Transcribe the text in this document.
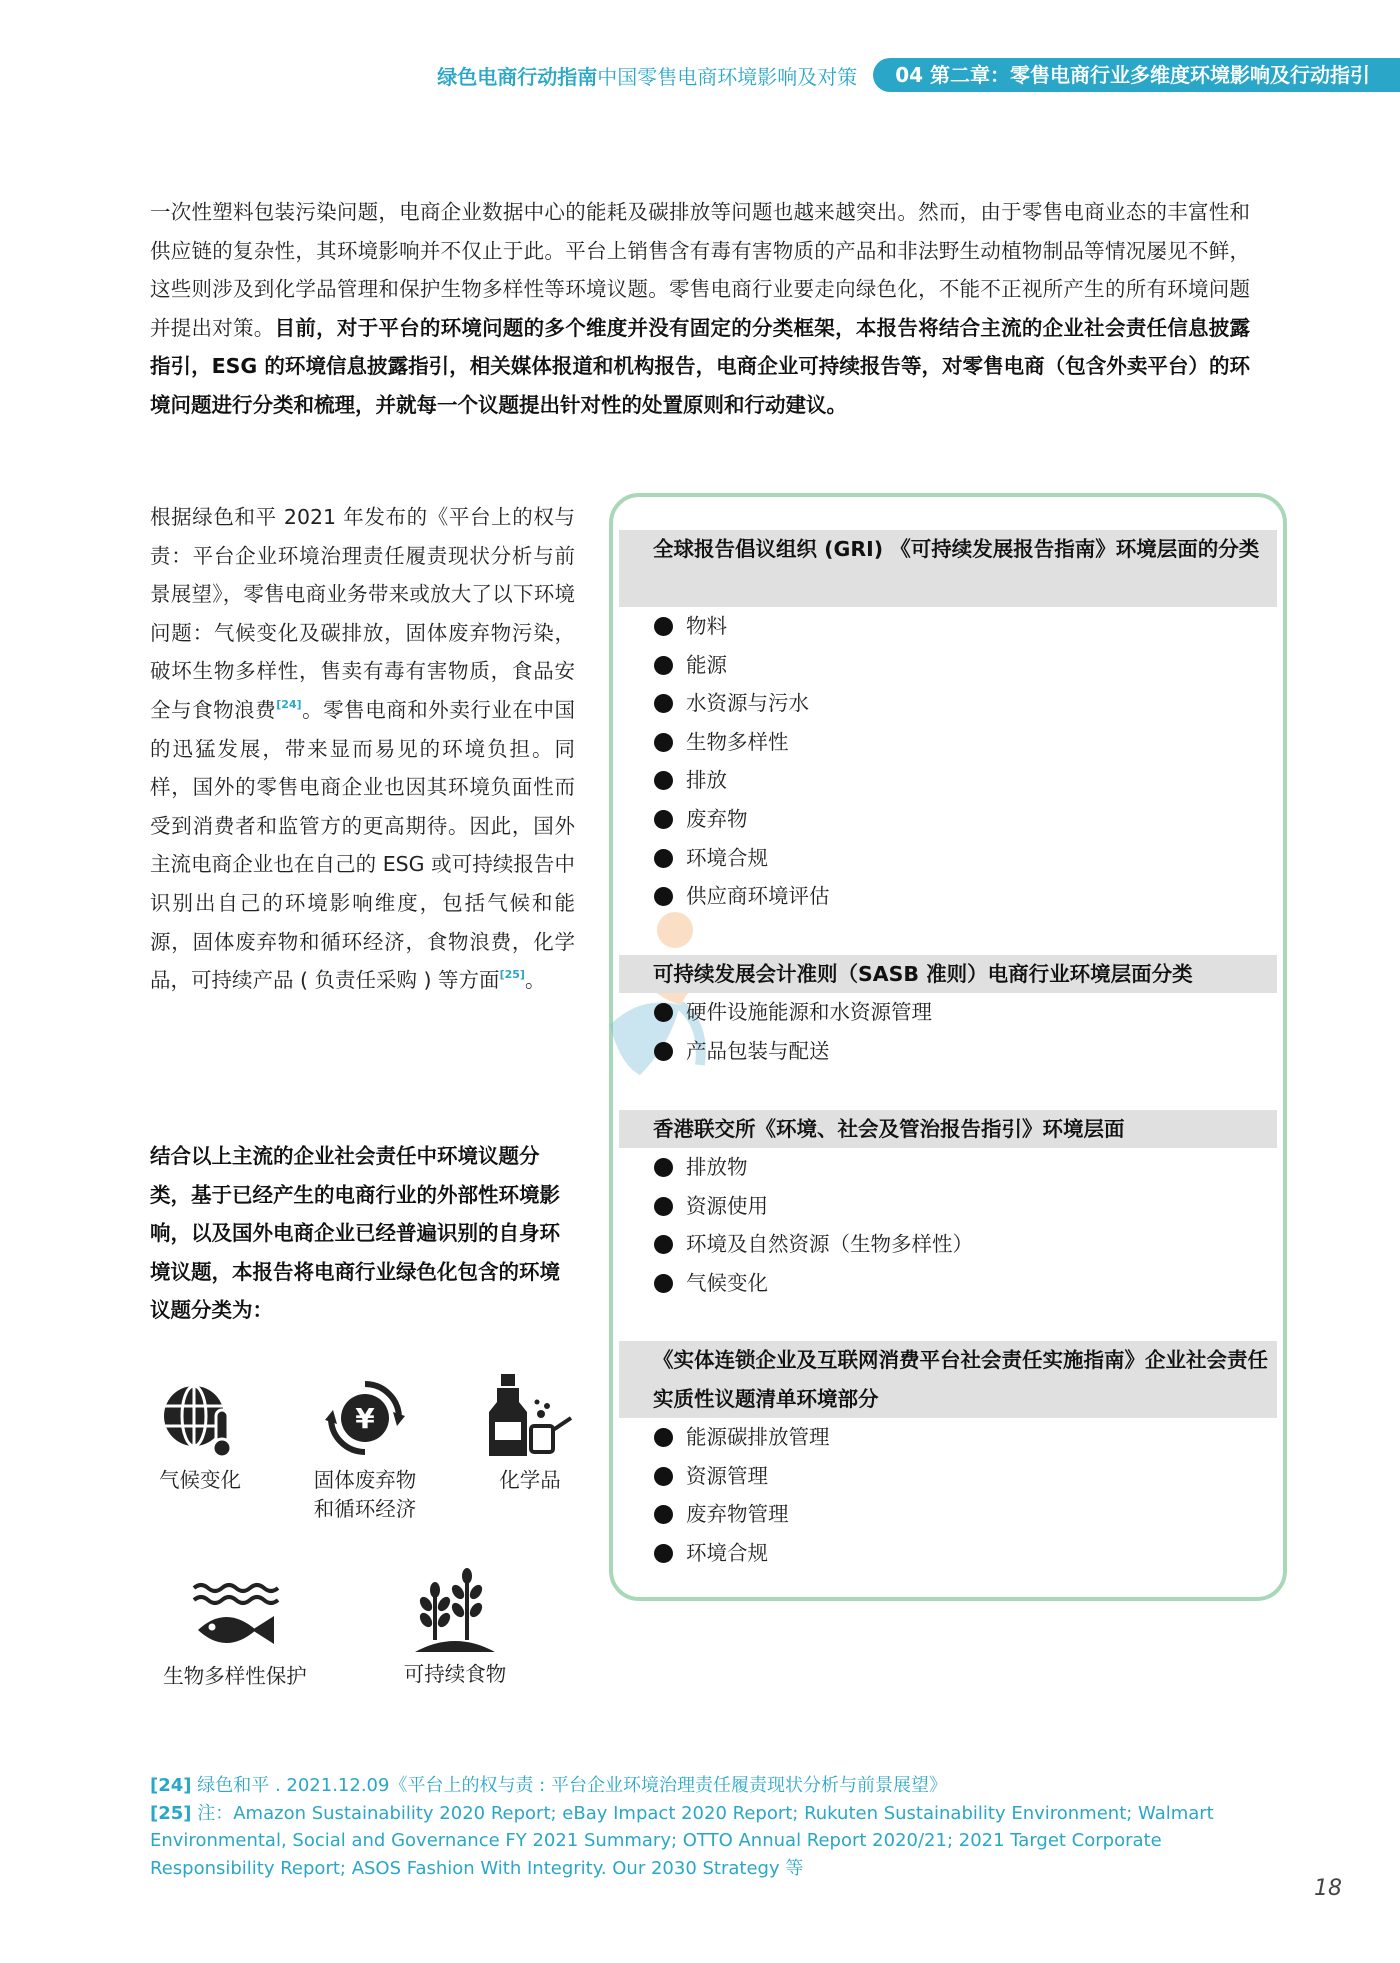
绿色电商行动指南 中国零售电商环境影响及对策	04 第二章：零售电商行业多维度环境影响及行动指引

一次性塑料包装污染问题，电商企业数据中心的能耗及碳排放等问题也越来越突出。然而，由于零售电商业态的丰富性和供应链的复杂性，其环境影响并不仅止于此。平台上销售含有毒有害物质的产品和非法野生动植物制品等情况屡见不鲜，这些则涉及到化学品管理和保护生物多样性等环境议题。零售电商行业要走向绿色化，不能不正视所产生的所有环境问题并提出对策。目前，对于平台的环境问题的多个维度并没有固定的分类框架，本报告将结合主流的企业社会责任信息披露指引，ESG 的环境信息披露指引，相关媒体报道和机构报告，电商企业可持续报告等，对零售电商（包含外卖平台）的环境问题进行分类和梳理，并就每一个议题提出针对性的处置原则和行动建议。

根据绿色和平 2021 年发布的《平台上的权与责：平台企业环境治理责任履责现状分析与前景展望》，零售电商业务带来或放大了以下环境问题：气候变化及碳排放，固体废弃物污染，破坏生物多样性，售卖有毒有害物质，食品安全与食物浪费[24]。零售电商和外卖行业在中国的迅猛发展，带来显而易见的环境负担。同样，国外的零售电商企业也因其环境负面性而受到消费者和监管方的更高期待。因此，国外主流电商企业也在自己的 ESG 或可持续报告中识别出自己的环境影响维度，包括气候和能源，固体废弃物和循环经济，食物浪费，化学品，可持续产品 ( 负责任采购 ) 等方面[25]。

结合以上主流的企业社会责任中环境议题分类，基于已经产生的电商行业的外部性环境影响，以及国外电商企业已经普遍识别的自身环境议题，本报告将电商行业绿色化包含的环境议题分类为：

气候变化
¥
固体废弃物
和循环经济
化学品
生物多样性保护	可持续食物
全球报告倡议组织 (GRI) 《可持续发展报告指南》环境层面的分类
物料
能源
水资源与污水
生物多样性
排放
废弃物
环境合规
供应商环境评估
可持续发展会计准则（SASB 准则）电商行业环境层面分类
硬件设施能源和水资源管理
产品包装与配送
香港联交所《环境、社会及管治报告指引》环境层面
排放物
资源使用
环境及自然资源（生物多样性）
气候变化
《实体连锁企业及互联网消费平台社会责任实施指南》企业社会责任实质性议题清单环境部分
能源碳排放管理
资源管理
废弃物管理
环境合规
[24] 绿色和平 . 2021.12.09《平台上的权与责 : 平台企业环境治理责任履责现状分析与前景展望》
[25] 注：Amazon Sustainability 2020 Report; eBay Impact 2020 Report; Rukuten Sustainability Environment; Walmart Environmental, Social and Governance FY 2021 Summary; OTTO Annual Report 2020/21; 2021 Target Corporate Responsibility Report; ASOS Fashion With Integrity. Our 2030 Strategy 等
18
